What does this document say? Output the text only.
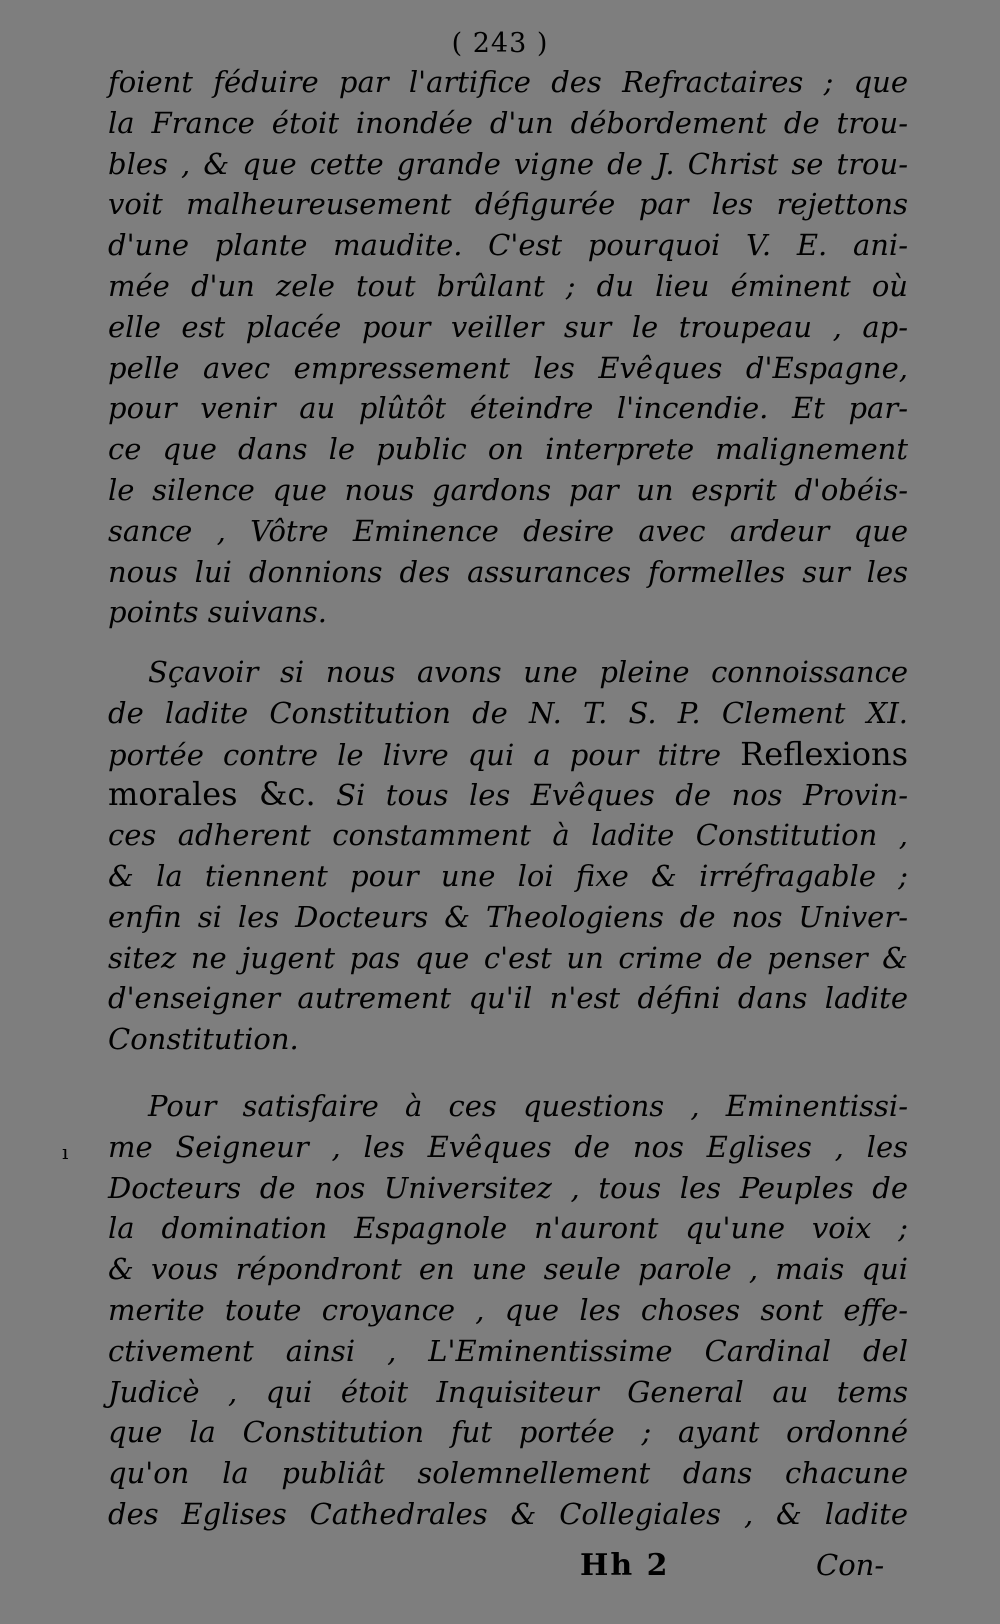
( 243 )
ı
foient féduire par l'artifice des Refractaires ; que
la France étoit inondée d'un débordement de trou-
bles , & que cette grande vigne de J. Christ se trou-
voit malheureusement défigurée par les rejettons
d'une plante maudite. C'est pourquoi V. E. ani-
mée d'un zele tout brûlant ; du lieu éminent où
elle est placée pour veiller sur le troupeau , ap-
pelle avec empressement les Evêques d'Espagne,
pour venir au plûtôt éteindre l'incendie. Et par-
ce que dans le public on interprete malignement
le silence que nous gardons par un esprit d'obéis-
sance , Vôtre Eminence desire avec ardeur que
nous lui donnions des assurances formelles sur les
points suivans.
Sçavoir si nous avons une pleine connoissance
de ladite Constitution de N. T. S. P. Clement XI.
portée contre le livre qui a pour titre Reflexions
morales &c. Si tous les Evêques de nos Provin-
ces adherent constamment à ladite Constitution ,
& la tiennent pour une loi fixe & irréfragable ;
enfin si les Docteurs & Theologiens de nos Univer-
sitez ne jugent pas que c'est un crime de penser &
d'enseigner autrement qu'il n'est défini dans ladite
Constitution.
Pour satisfaire à ces questions , Eminentissi-
me Seigneur , les Evêques de nos Eglises , les
Docteurs de nos Universitez , tous les Peuples de
la domination Espagnole n'auront qu'une voix ;
& vous répondront en une seule parole , mais qui
merite toute croyance , que les choses sont effe-
ctivement ainsi , L'Eminentissime Cardinal del
Judicè , qui étoit Inquisiteur General au tems
que la Constitution fut portée ; ayant ordonné
qu'on la publiât solemnellement dans chacune
des Eglises Cathedrales & Collegiales , & ladite
Hh 2	Con-
